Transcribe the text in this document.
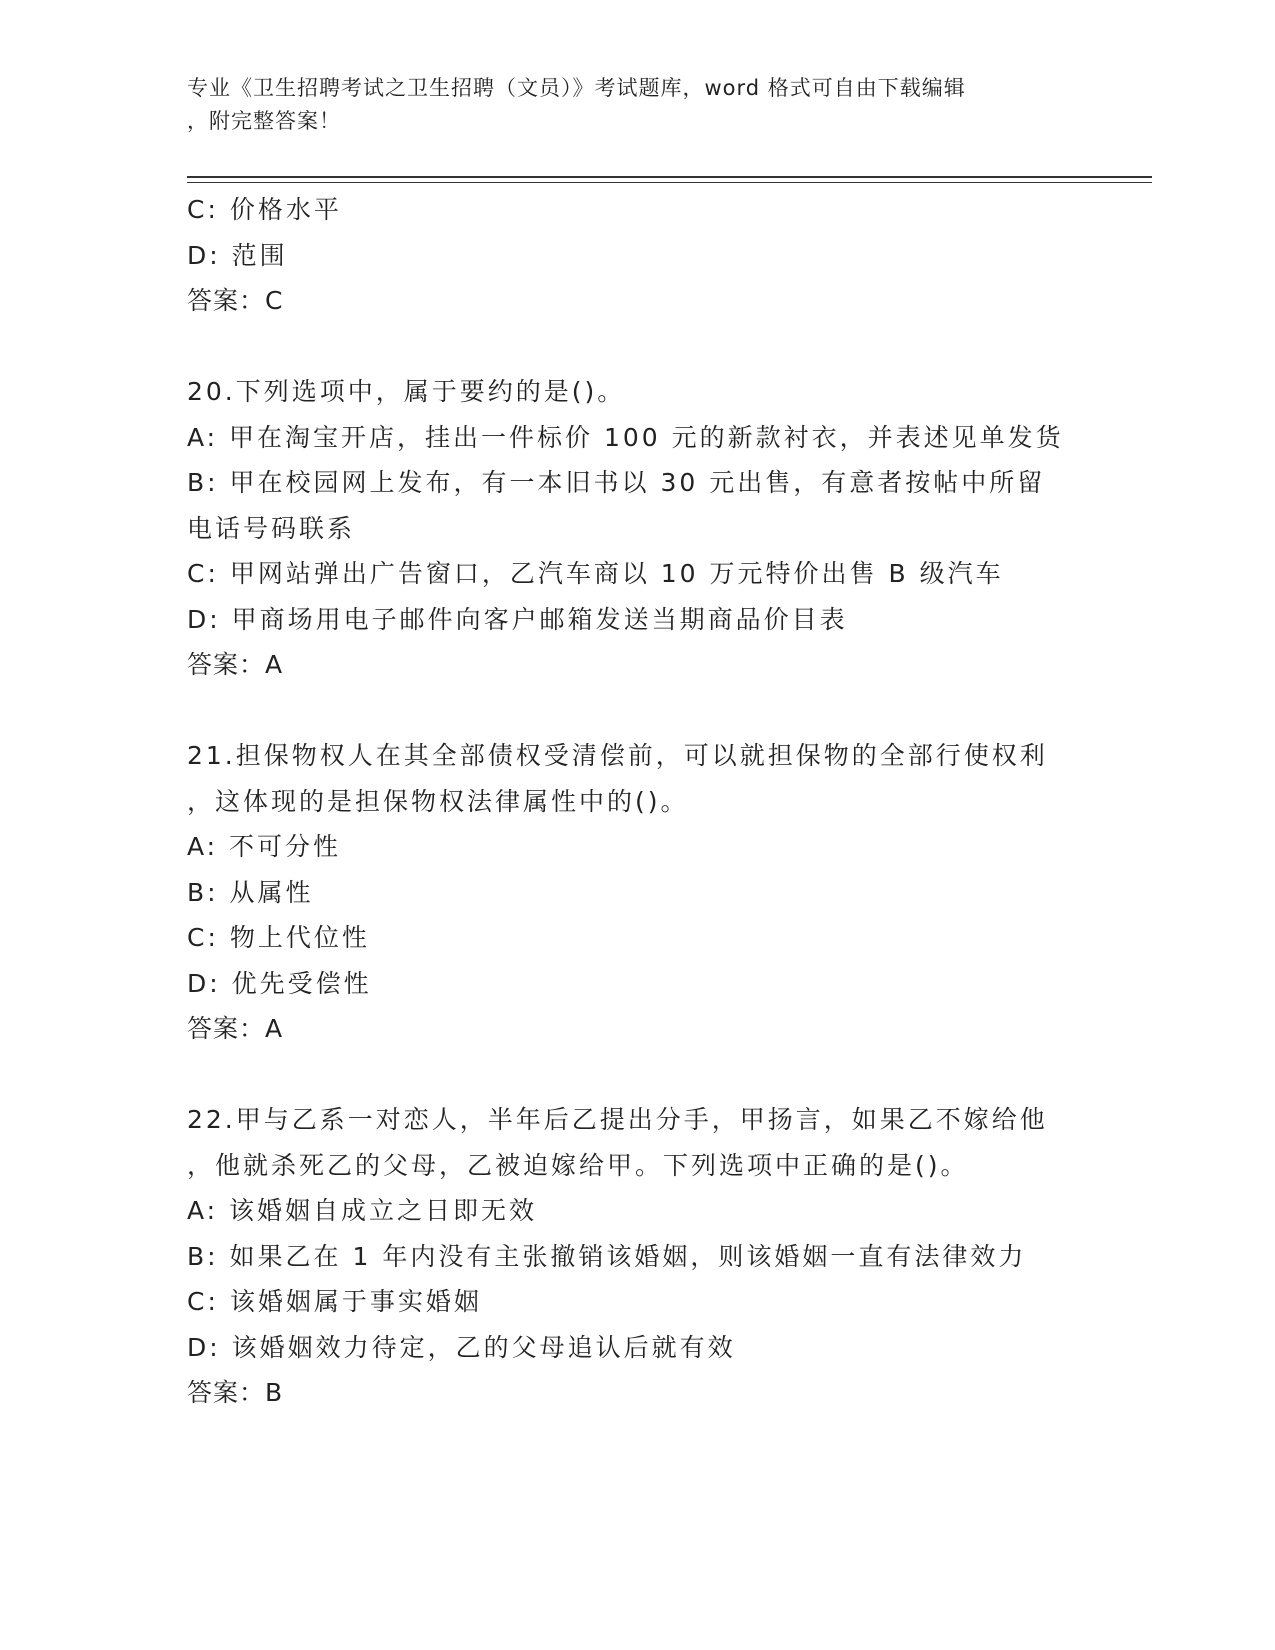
专业《卫生招聘考试之卫生招聘（文员）》考试题库，word 格式可自由下载编辑
，附完整答案！
C: 价格水平
D: 范围
答案：C
20.下列选项中，属于要约的是()。
A: 甲在淘宝开店，挂出一件标价 100 元的新款衬衣，并表述见单发货
B: 甲在校园网上发布，有一本旧书以 30 元出售，有意者按帖中所留
电话号码联系
C: 甲网站弹出广告窗口，乙汽车商以 10 万元特价出售 B 级汽车
D: 甲商场用电子邮件向客户邮箱发送当期商品价目表
答案：A
21.担保物权人在其全部债权受清偿前，可以就担保物的全部行使权利
，这体现的是担保物权法律属性中的()。
A: 不可分性
B: 从属性
C: 物上代位性
D: 优先受偿性
答案：A
22.甲与乙系一对恋人，半年后乙提出分手，甲扬言，如果乙不嫁给他
，他就杀死乙的父母，乙被迫嫁给甲。下列选项中正确的是()。
A: 该婚姻自成立之日即无效
B: 如果乙在 1 年内没有主张撤销该婚姻，则该婚姻一直有法律效力
C: 该婚姻属于事实婚姻
D: 该婚姻效力待定，乙的父母追认后就有效
答案：B
